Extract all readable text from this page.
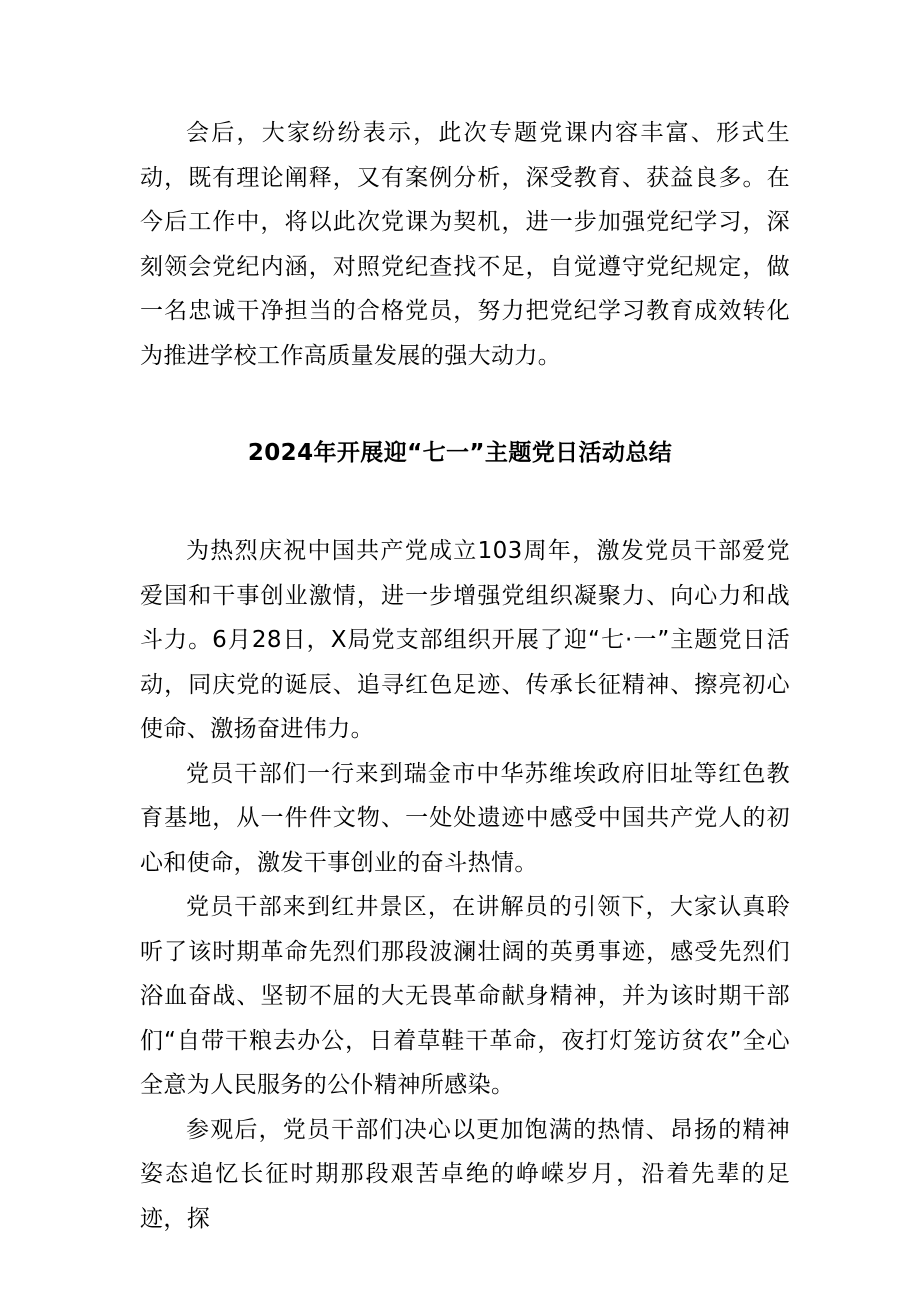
会后，大家纷纷表示，此次专题党课内容丰富、形式生动，既有理论阐释，又有案例分析，深受教育、获益良多。在今后工作中，将以此次党课为契机，进一步加强党纪学习，深刻领会党纪内涵，对照党纪查找不足，自觉遵守党纪规定，做一名忠诚干净担当的合格党员，努力把党纪学习教育成效转化为推进学校工作高质量发展的强大动力。

2024年开展迎“七一”主题党日活动总结

为热烈庆祝中国共产党成立103周年，激发党员干部爱党爱国和干事创业激情，进一步增强党组织凝聚力、向心力和战斗力。6月28日，X局党支部组织开展了迎“七·一”主题党日活动，同庆党的诞辰、追寻红色足迹、传承长征精神、擦亮初心使命、激扬奋进伟力。

党员干部们一行来到瑞金市中华苏维埃政府旧址等红色教育基地，从一件件文物、一处处遗迹中感受中国共产党人的初心和使命，激发干事创业的奋斗热情。

党员干部来到红井景区，在讲解员的引领下，大家认真聆听了该时期革命先烈们那段波澜壮阔的英勇事迹，感受先烈们浴血奋战、坚韧不屈的大无畏革命献身精神，并为该时期干部们“自带干粮去办公，日着草鞋干革命，夜打灯笼访贫农”全心全意为人民服务的公仆精神所感染。

参观后，党员干部们决心以更加饱满的热情、昂扬的精神姿态追忆长征时期那段艰苦卓绝的峥嵘岁月，沿着先辈的足迹，探
